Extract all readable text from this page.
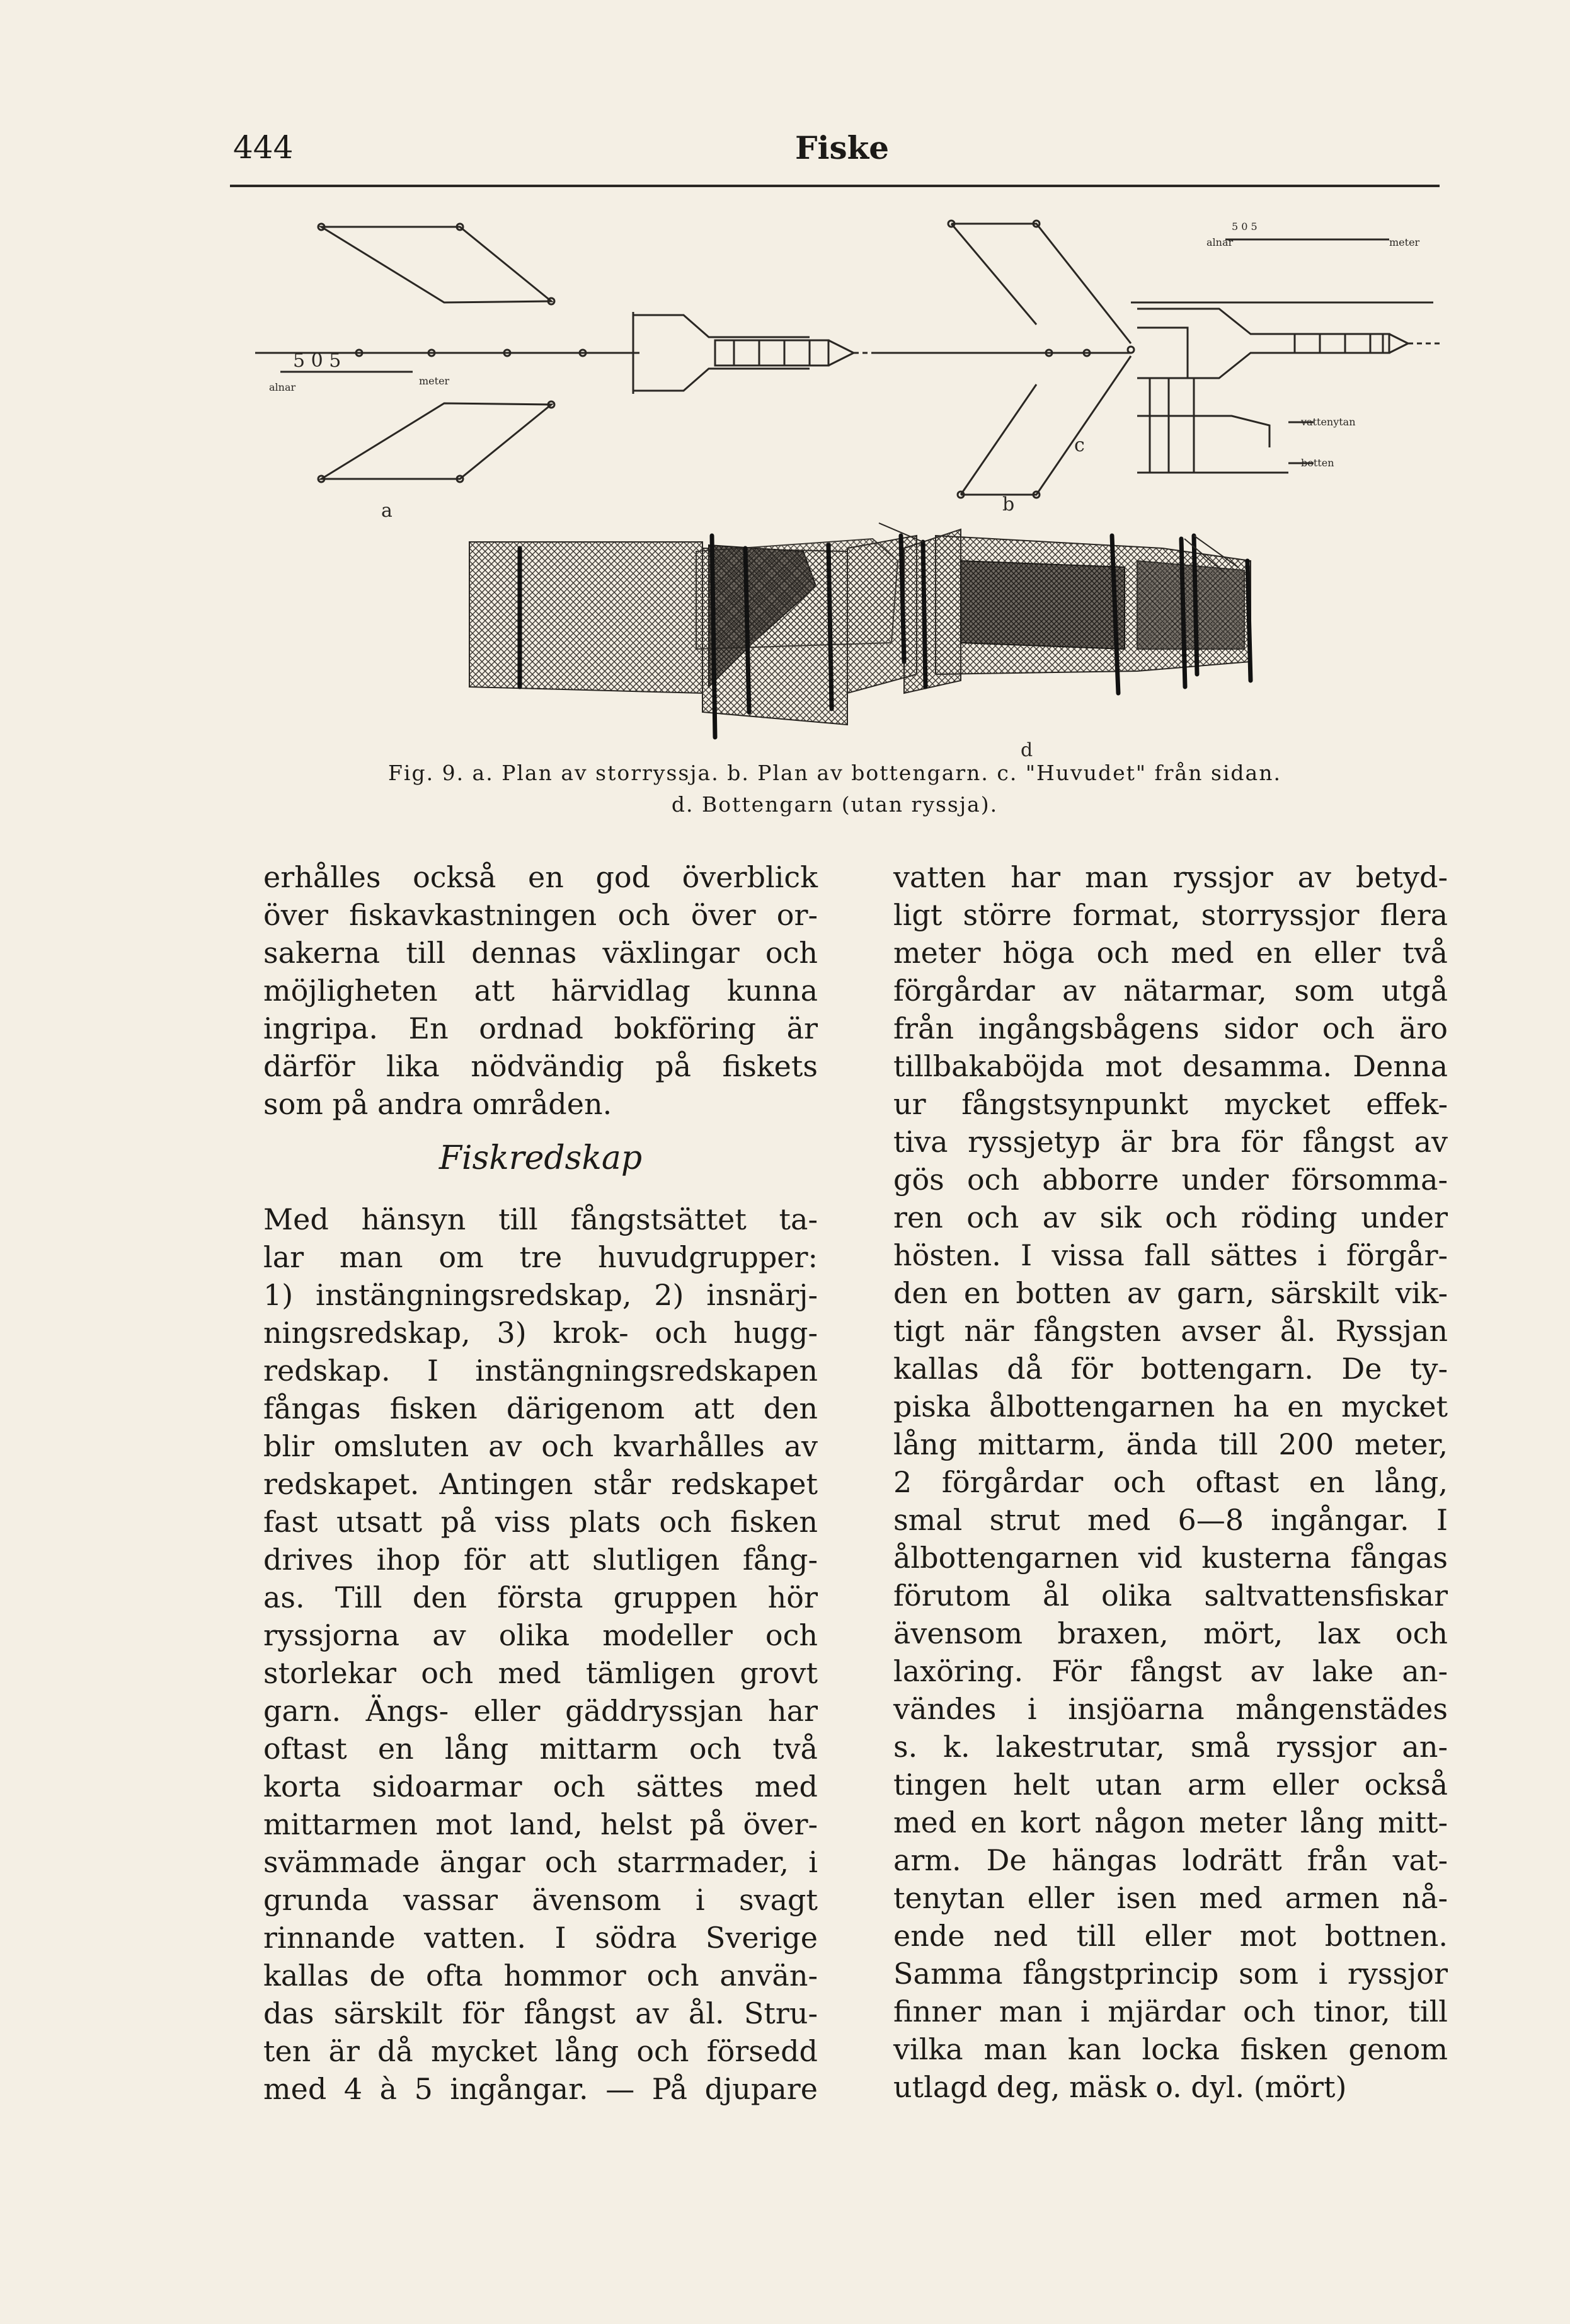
444	Fiske
5 0 5
alnar
meter
a
5 0 5
alnar	meter
b
c
vattenytan
botten
d
Fig. 9. a. Plan av storryssja. b. Plan av bottengarn. c. "Huvudet" från sidan.
d. Bottengarn (utan ryssja).
erhålles också en god överblick
över fiskavkastningen och över or-
sakerna till dennas växlingar och
möjligheten att härvidlag kunna
ingripa. En ordnad bokföring är
därför lika nödvändig på fiskets
som på andra områden.
Fiskredskap
Med hänsyn till fångstsättet ta-
lar man om tre huvudgrupper:
1) instängningsredskap, 2) insnärj-
ningsredskap, 3) krok- och hugg-
redskap. I instängningsredskapen
fångas fisken därigenom att den
blir omsluten av och kvarhålles av
redskapet. Antingen står redskapet
fast utsatt på viss plats och fisken
drives ihop för att slutligen fång-
as. Till den första gruppen hör
ryssjorna av olika modeller och
storlekar och med tämligen grovt
garn. Ängs- eller gäddryssjan har
oftast en lång mittarm och två
korta sidoarmar och sättes med
mittarmen mot land, helst på över-
svämmade ängar och starrmader, i
grunda vassar ävensom i svagt
rinnande vatten. I södra Sverige
kallas de ofta hommor och använ-
das särskilt för fångst av ål. Stru-
ten är då mycket lång och försedd
med 4 à 5 ingångar. — På djupare
vatten har man ryssjor av betyd-
ligt större format, storryssjor flera
meter höga och med en eller två
förgårdar av nätarmar, som utgå
från ingångsbågens sidor och äro
tillbakaböjda mot desamma. Denna
ur fångstsynpunkt mycket effek-
tiva ryssjetyp är bra för fångst av
gös och abborre under försomma-
ren och av sik och röding under
hösten. I vissa fall sättes i förgår-
den en botten av garn, särskilt vik-
tigt när fångsten avser ål. Ryssjan
kallas då för bottengarn. De ty-
piska ålbottengarnen ha en mycket
lång mittarm, ända till 200 meter,
2 förgårdar och oftast en lång,
smal strut med 6—8 ingångar. I
ålbottengarnen vid kusterna fångas
förutom ål olika saltvattensfiskar
ävensom braxen, mört, lax och
laxöring. För fångst av lake an-
vändes i insjöarna mångenstädes
s. k. lakestrutar, små ryssjor an-
tingen helt utan arm eller också
med en kort någon meter lång mitt-
arm. De hängas lodrätt från vat-
tenytan eller isen med armen nå-
ende ned till eller mot bottnen.
Samma fångstprincip som i ryssjor
finner man i mjärdar och tinor, till
vilka man kan locka fisken genom
utlagd deg, mäsk o. dyl. (mört)
